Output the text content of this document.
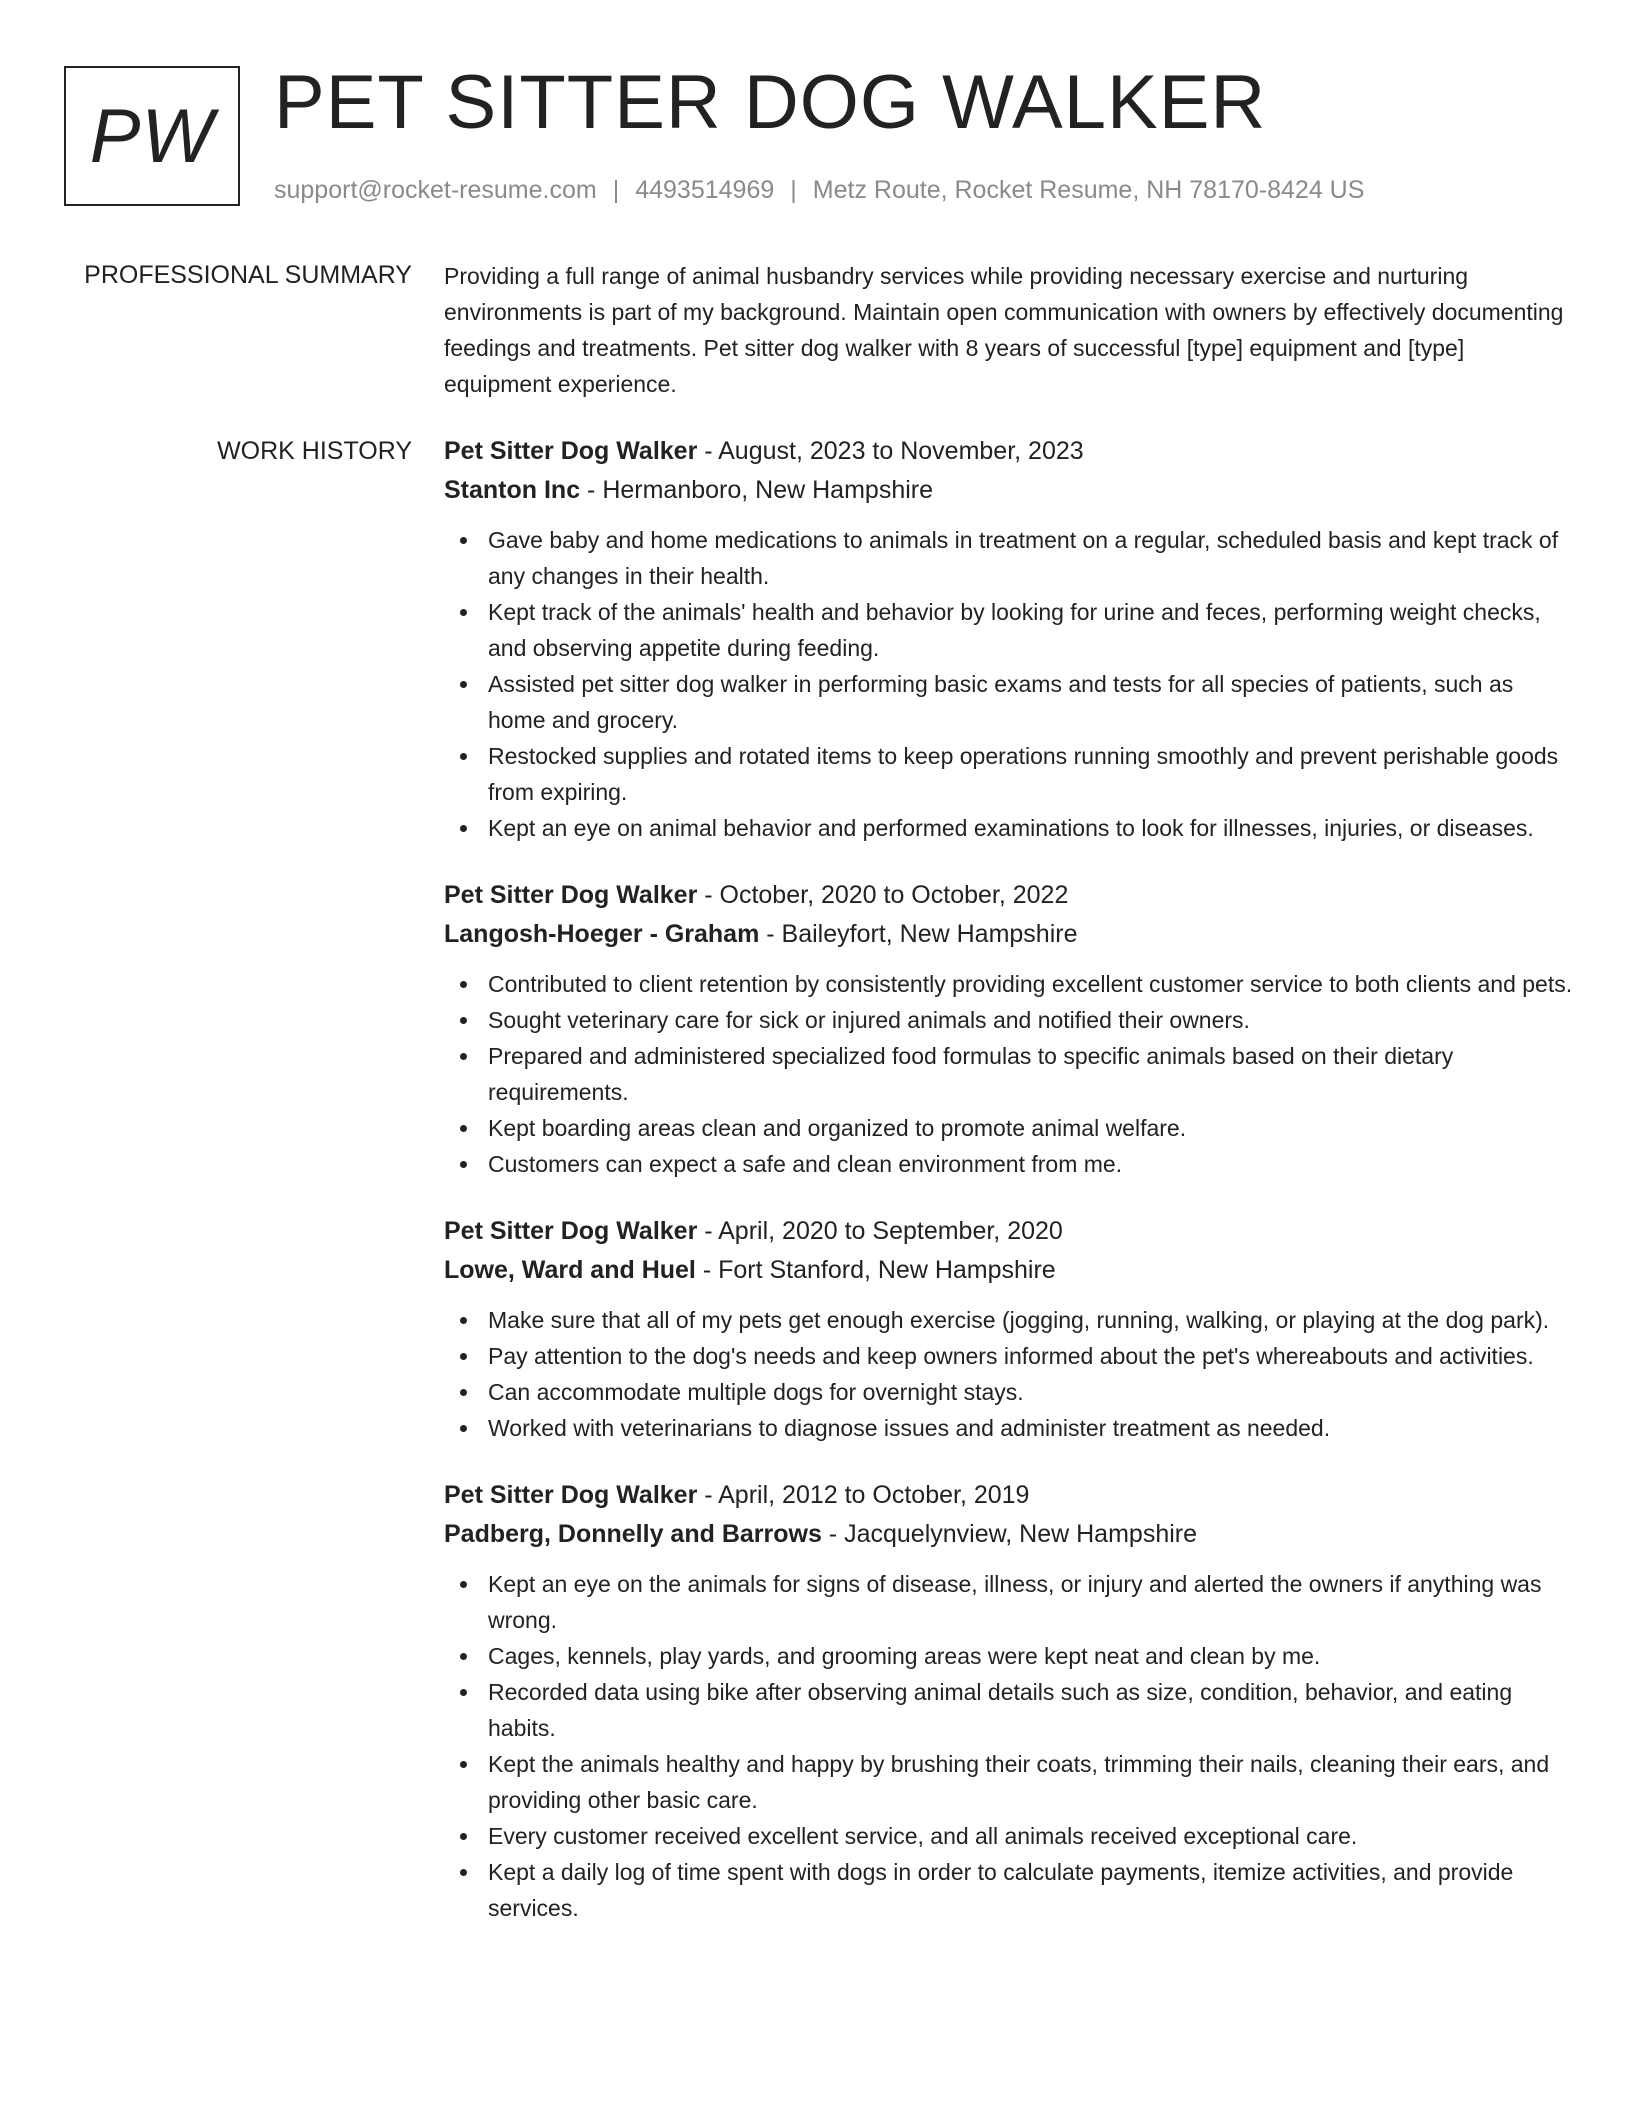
PW PET SITTER DOG WALKER
support@rocket-resume.com | 4493514969 | Metz Route, Rocket Resume, NH 78170-8424 US
PROFESSIONAL SUMMARY Providing a full range of animal husbandry services while providing necessary exercise and nurturing environments is part of my background. Maintain open communication with owners by effectively documenting feedings and treatments. Pet sitter dog walker with 8 years of successful [type] equipment and [type] equipment experience.
WORK HISTORY Pet Sitter Dog Walker - August, 2023 to November, 2023
Stanton Inc - Hermanboro, New Hampshire
Gave baby and home medications to animals in treatment on a regular, scheduled basis and kept track of any changes in their health.
Kept track of the animals' health and behavior by looking for urine and feces, performing weight checks, and observing appetite during feeding.
Assisted pet sitter dog walker in performing basic exams and tests for all species of patients, such as home and grocery.
Restocked supplies and rotated items to keep operations running smoothly and prevent perishable goods from expiring.
Kept an eye on animal behavior and performed examinations to look for illnesses, injuries, or diseases.
Pet Sitter Dog Walker - October, 2020 to October, 2022
Langosh-Hoeger - Graham - Baileyfort, New Hampshire
Contributed to client retention by consistently providing excellent customer service to both clients and pets.
Sought veterinary care for sick or injured animals and notified their owners.
Prepared and administered specialized food formulas to specific animals based on their dietary requirements.
Kept boarding areas clean and organized to promote animal welfare.
Customers can expect a safe and clean environment from me.
Pet Sitter Dog Walker - April, 2020 to September, 2020
Lowe, Ward and Huel - Fort Stanford, New Hampshire
Make sure that all of my pets get enough exercise (jogging, running, walking, or playing at the dog park).
Pay attention to the dog's needs and keep owners informed about the pet's whereabouts and activities.
Can accommodate multiple dogs for overnight stays.
Worked with veterinarians to diagnose issues and administer treatment as needed.
Pet Sitter Dog Walker - April, 2012 to October, 2019
Padberg, Donnelly and Barrows - Jacquelynview, New Hampshire
Kept an eye on the animals for signs of disease, illness, or injury and alerted the owners if anything was wrong.
Cages, kennels, play yards, and grooming areas were kept neat and clean by me.
Recorded data using bike after observing animal details such as size, condition, behavior, and eating habits.
Kept the animals healthy and happy by brushing their coats, trimming their nails, cleaning their ears, and providing other basic care.
Every customer received excellent service, and all animals received exceptional care.
Kept a daily log of time spent with dogs in order to calculate payments, itemize activities, and provide services.
